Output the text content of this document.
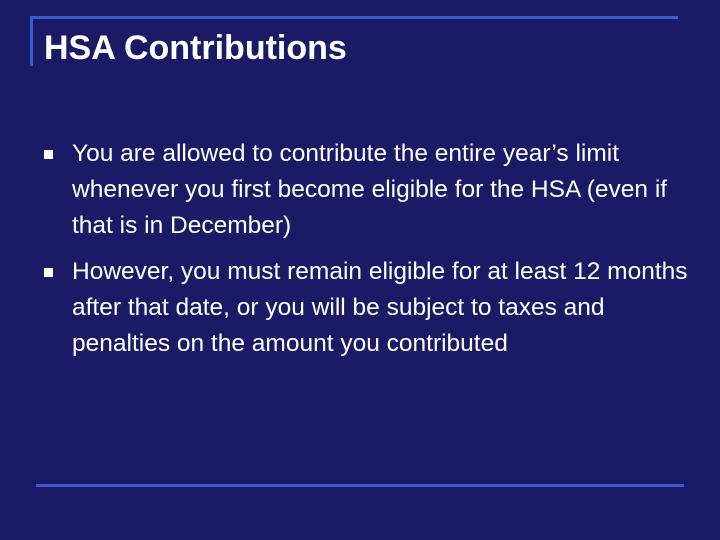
HSA Contributions
You are allowed to contribute the entire year’s limit whenever you first become eligible for the HSA (even if that is in December)
However, you must remain eligible for at least 12 months after that date, or you will be subject to taxes and penalties on the amount you contributed
